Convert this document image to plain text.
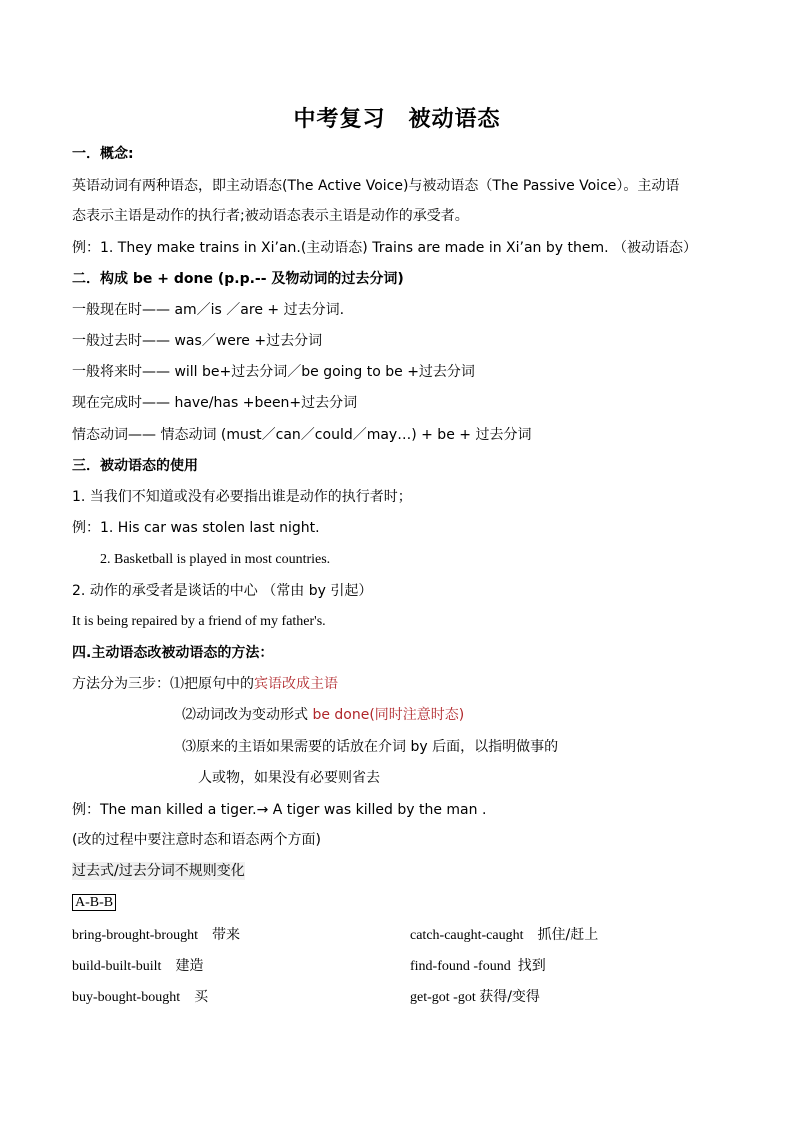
中考复习　被动语态
一．概念:
英语动词有两种语态，即主动语态(The Active Voice)与被动语态（The Passive Voice）。主动语
态表示主语是动作的执行者;被动语态表示主语是动作的承受者。
例：1. They make trains in Xi’an.(主动语态) Trains are made in Xi’an by them. （被动语态）
二．构成 be + done (p.p.-- 及物动词的过去分词)
一般现在时—— am／is ／are + 过去分词.
一般过去时—— was／were +过去分词
一般将来时—— will be+过去分词／be going to be +过去分词
现在完成时—— have/has +been+过去分词
情态动词—— 情态动词 (must／can／could／may…) + be + 过去分词
三．被动语态的使用
1. 当我们不知道或没有必要指出谁是动作的执行者时；
例：1. His car was stolen last night.
2. Basketball is played in most countries.
2. 动作的承受者是谈话的中心 （常由 by 引起）
It is being repaired by a friend of my father's.
四.主动语态改被动语态的方法：
方法分为三步：⑴把原句中的宾语改成主语
⑵动词改为变动形式 be done(同时注意时态)
⑶原来的主语如果需要的话放在介词 by 后面，以指明做事的
人或物，如果没有必要则省去
例：The man killed a tiger.→ A tiger was killed by the man .
(改的过程中要注意时态和语态两个方面)
过去式/过去分词不规则变化
A-B-B
bring-brought-brought 带来
build-built-built 建造
buy-bought-bought 买
catch-caught-caught 抓住/赶上
find-found -found 找到
get-got -got 获得/变得
